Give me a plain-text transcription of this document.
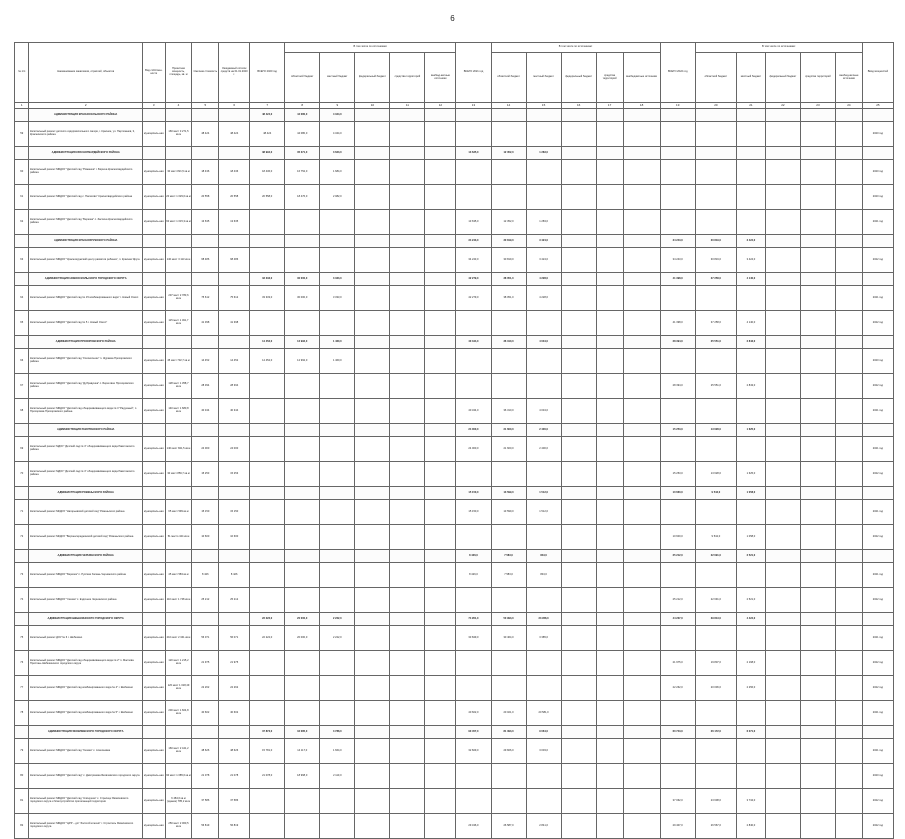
6
№ п/п	Наименование заказчиков, отраслей, объектов	Вид собствен-ности	Проектная мощность, площадь, кв. м	Сметная стоимость	Ожидаемый остаток средств на 01.01.2020 г.	ВСЕГО 2020 год	В том числе по источникам:					ВСЕГО 2021 год	В том числе по источникам:					ВСЕГО 2022 год	В том числе по источникам:					Ввод мощностей
							областной бюджет	местный бюджет	федеральный бюджет	средства территорий	внебюд-жетные источники		областной бюджет	местный бюджет	федеральный бюджет	средства территорий	внебюджетные источники		областной бюджет	местный бюджет	федеральный бюджет	средства территорий	внебюд-жетные источники	
1	2	3	4	5	6	7	8	9	10	11	12	13	14	15	16	17	18	19	20	21	22	23	24	25
	АДМИНИСТРАЦИЯ КРАСНОСЕЛЬСКОГО РАЙОНА					48 424,0	44 080,0	4 344,0																
59	Капитальный ремонт детского оздоровительного лагеря, г. Красное, ул. Партизанов, 3, Краснинского района	муниципаль-ная	160 мест 3 271,5 кв.м	48 424	48 424	48 424	44 080,0	4 344,0																2020 год
	АДМИНИСТРАЦИЯ КРАСНОГВАРДЕЙСКОГО РАЙОНА					38 994,0	35 371,0	3 623,0				13 635,0	12 352,0	1 283,0										
60	Капитальный ремонт МБДОУ "Детский сад "Ромашка" г. Бирюча Красногвардейского района	муниципаль-ная	30 мест 821,5 кв.м	18 436	18 436	18 436,0	16 752,0	1 684,0																2020 год
61	Капитальный ремонт МБДОУ "Детский сад с. Палатово" Красногвардейского района	муниципаль-ная	20 мест 1 029,6 кв.м	20 558	20 558	20 558,0	18 476,0	2 082,0																2020 год
62	Капитальный ремонт МБДОУ "Детский сад "Березка" с. Засосна Красногвардейского района	муниципаль-ная	60 мест 1 015,3 кв.м	13 635	13 635							13 635,0	12 352,0	1 283,0										2021 год
	АДМИНИСТРАЦИЯ КРАСНОЯРУЖСКОГО РАЙОНА											34 243,0	30 819,0	3 424,0				34 243,0	30 819,0	3 424,0				
63	Капитальный ремонт МБДОУ "Краснояружский центр развития ребенка", п. Красная Яруга	муниципаль-ная	140 мест 3 113 кв.м	68 486	68 486							34 243,0	30 819,0	3 424,0				34 243,0	30 819,0	3 424,0				2022 год
	АДМИНИСТРАЦИЯ НОВООСКОЛЬСКОГО ГОРОДСКОГО ОКРУГА					33 333,0	30 000,0	3 333,0				42 279,0	38 051,0	4 228,0				41 398,0	37 258,0	4 140,0				
64	Капитальный ремонт МБДОУ "Детский сад № 15 комбинированного вида" г. Новый Оскол	муниципаль-ная	237 мест 2 783,6 кв.м	75 612	75 612	33 333,0	30 000,0	3 333,0				42 279,0	38 051,0	4 228,0										2021 год
65	Капитальный ремонт МБДОУ "Детский сад № 5 г. Новый Оскол"	муниципаль-ная	115 мест 1 491,7 кв.м	41 398	41 398													41 398,0	37 258,0	4 140,0				2022 год
	АДМИНИСТРАЦИЯ ПРОХОРОВСКОГО РАЙОНА					14 452,0	12 992,0	1 460,0				40 344,0	36 310,0	4 034,0				28 394,0	25 551,0	2 843,0				
66	Капитальный ремонт МБДОУ "Детский сад "Колокольчик" п. Журавка Прохоровского района	муниципаль-ная	45 мест 732,7 кв.м	14 452	14 452	14 452,0	12 992,0	1 460,0																2020 год
67	Капитальный ремонт МБДОУ "Детский сад "Дубравушка" с. Береговое Прохоровского района	муниципаль-ная	128 мест 1 358,7 кв.м	28 394	28 394													28 394,0	25 551,0	2 843,0				2022 год
68	Капитальный ремонт МБДОУ "Детский сад общеразвивающего вида № 3 "Радужный", п. Прохоровка Прохоровского района	муниципаль-ная	140 мест 1 680,8 кв.м	40 344	40 344							40 344,0	36 310,0	4 034,0										2021 год
	АДМИНИСТРАЦИЯ РАКИТЯНСКОГО РАЙОНА											24 000,0	21 600,0	2 400,0				15 253,0	13 628,0	1 625,0				
69	Капитальный ремонт МДОУ "Детский сад № 4" общеразвивающего вида Ракитянского района	муниципаль-ная	140 мест 841,5 кв.м	24 000	24 000							24 000,0	21 600,0	2 400,0										2021 год
70	Капитальный ремонт МДОУ "Детский сад № 4" общеразвивающего вида Ракитянского района	муниципаль-ная	30 мест 859,7 кв.м	15 253	15 253													15 253,0	13 628,0	1 625,0				2022 год
	АДМИНИСТРАЦИЯ РОВЕНЬСКОГО РАЙОНА											15 150,0	13 599,0	1 512,0				10 660,0	9 542,0	1 058,0				
71	Капитальный ремонт МКДОУ "Нагорьевский детский сад" Ровеньского района	муниципаль-ная	65 мест 599 кв.м	15 150	15 150							15 150,0	13 599,0	1 512,0										2021 год
72	Капитальный ремонт МКДОУ "Верхнесереднянский детский сад" Ровеньского района	муниципаль-ная	51 место 424 кв.м	10 600	10 600													10 600,0	9 542,0	1 058,0				2022 год
	АДМИНИСТРАЦИЯ ЧЕРНЯНСКОГО РАЙОНА											8 426,0	7 583,0	843,0				25 212,0	22 691,0	2 521,0				
73	Капитальный ремонт МБДОУ "Березка" п. Русская Халань Чернянского района	муниципаль-ная	45 мест 583 кв.м	8 426	8 426							8 426,0	7 583,0	843,0										2021 год
74	Капитальный ремонт МБДОУ "Сказка" с. Ездочное Чернянского района	муниципаль-ная	110 мест 1 748 кв.м	25 212	25 212													25 212,0	22 691,0	2 521,0				2022 год
	АДМИНИСТРАЦИЯ ШЕБЕКИНСКОГО ГОРОДСКОГО ОКРУГА					22 222,0	20 000,0	2 222,0				74 951,0	50 993,0	23 958,0				44 237,0	39 813,0	4 424,0				
75	Капитальный ремонт ДОУ № 6 г. Шебекино	муниципаль-ная	210 мест 2 341 кв.м	56 071	56 071	22 222,0	20 000,0	2 222,0				33 849,0	30 464,0	3 385,0										2021 год
76	Капитальный ремонт МБДОУ "Детский сад общеразвивающего вида № 2" п. Маслова Пристань Шебекинского городского округа	муниципаль-ная	120 мест 1 215,2 кв.м	21 975	21 975													21 975,0	19 807,0	2 168,0				2022 год
77	Капитальный ремонт МБДОУ "Детский сад комбинированного вида № 4" г. Шебекино	муниципаль-ная	120 мест 1 018,49 кв.м	22 262	22 262													22 262,0	20 006,0	2 256,0				2022 год
78	Капитальный ремонт МБДОУ "Детский сад комбинированного вида № 5" г. Шебекино	муниципаль-ная	200 мест 1 604,8 кв.м	40 602	40 602							40 602,0	20 021,0	20 581,0										2021 год
	АДМИНИСТРАЦИЯ ЯКОВЛЕВСКОГО ГОРОДСКОГО ОКРУГА					37 873,0	34 085,0	3 788,0				90 457,0	81 393,0	9 064,0				60 743,0	26 172,0	6 271,0				
79	Капитальный ремонт МБДОУ "Детский сад "Сказка" с. Алексеевка	муниципаль-ная	160 мест 2 441,2 кв.м	48 626	48 626	15 781,0	14 117,0	1 664,0				32 829,0	29 826,0	3 003,0										2021 год
80	Капитальный ремонт МБДОУ "Детский сад" с. Дмитриевка Яковлевского городского округа	муниципаль-ная	90 мест 1 085,6 кв.м	21 078	21 078	21 078,0	18 968,0	2 110,0																2020 год
81	Капитальный ремонт МБДОУ "Детский сад "Алёнушка" с. Стрелецк Яковлевского городского округа и благоустройство прилегающей территории	муниципаль-ная	6 484,6 кв.м (здание) 785,2 кв.м	37 586	37 586													37 062,0	23 608,0	3 734,0				2022 год
82	Капитальный ремонт МБДОУ "ЦРР – д/с "Золотой ключик" г. Строитель Яковлевского городского округа	муниципаль-ная	250 мест 2 060,5 кв.м	56 819	56 819							29 436,0	26 587,0	2 841,0				29 407,0	26 567,0	2 840,0				2022 год
